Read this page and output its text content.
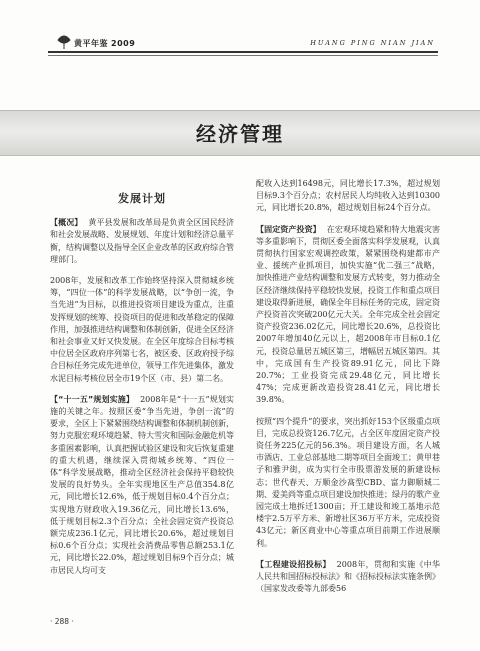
黄平年鉴 2009	HUANG PING NIAN JIAN
经济管理
发展计划

【概况】 黄平县发展和改革局是负责全区国民经济和社会发展战略、发展规划、年度计划和经济总量平衡，结构调整以及指导全区企业改革的区政府综合管理部门。

2008年，发展和改革工作始终坚持深入贯彻城乡统筹，“四位一体”的科学发展战略，以“争创一流，争当先进”为目标，以推进投资项目建设为重点，注重发挥规划的统筹、投资项目的促进和改革稳定的保障作用，加强推进结构调整和体制创新，促进全区经济和社会事业又好又快发展。在全区年度综合目标考核中位居全区政府序列第七名，被区委、区政府授予综合目标任务完成先进单位，领导工作先进集体，激发水泥目标考核位居全市19个区（市、县）第二名。

【“十一五”规划实施】 2008年是“十一五”规划实施的关键之年。按照区委“争当先进，争创一流”的要求，全区上下紧紧围绕结构调整和体制机制创新，努力克服宏观环境趋紧、特大雪灾和国际金融危机等多重困素影响，认真把握试验区建设和灾后恢复重建的重大机遇，继续深入贯彻城乡统筹、“四位一体”科学发展战略，推动全区经济社会保持平稳较快发展的良好势头。全年实现地区生产总值354.8亿元，同比增长12.6%，低于规划目标0.4个百分点；实现地方财政收入19.36亿元，同比增长13.6%，低于规划目标2.3个百分点；全社会固定资产投资总额完成236.1亿元，同比增长20.6%，超过规划目标0.6个百分点；实现社会消费品零售总额253.1亿元，同比增长22.0%，超过规划目标9个百分点；城市居民人均可支

配收入达到16498元，同比增长17.3%，超过规划目标9.3个百分点；农村居民人均纯收入达到10300元，同比增长20.8%，超过规划目标24个百分点。

【固定资产投资】 在宏观环境趋紧和特大地震灾害等多重影响下，贯彻区委全面落实科学发展观，认真贯彻执行国家宏观调控政策，紧紧围绕构建都市产业、援统产业抓项目，加快实施“优二强三”战略，加快推进产业结构调整和发展方式转变，努力推动全区经济继续保持平稳较快发展，投资工作和重点项目建设取得新进展，确保全年目标任务的完成，固定资产投资首次突破200亿元大关。全年完成全社会固定资产投资236.02亿元，同比增长20.6%，总投资比2007年增加40亿元以上，超2008年市目标0.1亿元，投资总量居五城区第三，增幅居五城区第四。其中，完成国有生产投资89.91亿元，同比下降20.7%；工业投资完成29.48亿元，同比增长47%；完成更新改造投资28.41亿元，同比增长39.8%。

按照“四个提升”的要求，突出抓好153个区级重点项目，完成总投资126.7亿元，占全区年度固定资产投资任务225亿元的56.3%。项目建设方面，名人城市酒店、工业总部基地二期等项目全面竣工；黄甲巷子和雅尹街，成为实行全市股票游发展的新建设标志；世代春天、万顺金沙髙型CBD、富力御顺城二期、爱美尚等重点项目建设加快推进；绿丹的歌产业园完成土地拆迁1300亩；开工建设和竣工基地示范楼宇2.5万平方米、新增社区36万平方米，完成投资43亿元；新区商业中心等重点项目前期工作进展顺利。

【工程建设招投标】 2008年，贯彻和实施《中华人民共和国招标投标法》和《招标投标法实施条例》（国家发改委等九部委56

· 288 ·
